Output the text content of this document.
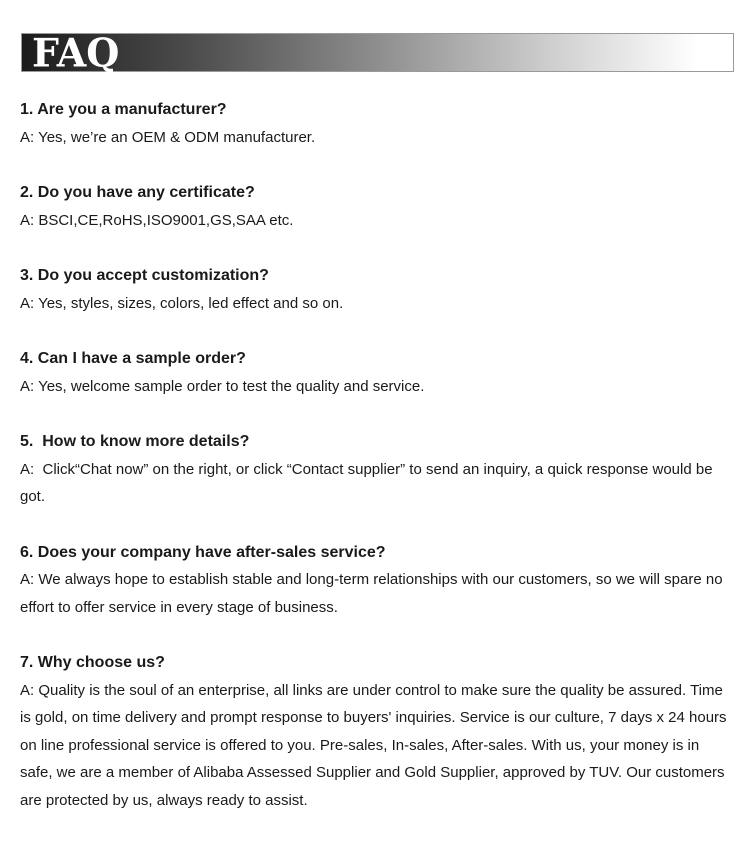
FAQ

1. Are you a manufacturer?

A: Yes, we’re an OEM & ODM manufacturer.

2. Do you have any certificate?

A: BSCI,CE,RoHS,ISO9001,GS,SAA etc.

3. Do you accept customization?

A: Yes, styles, sizes, colors, led effect and so on.

4. Can I have a sample order?

A: Yes, welcome sample order to test the quality and service.

5.  How to know more details?

A:  Click“Chat now” on the right, or click “Contact supplier” to send an inquiry, a quick response would be got.

6. Does your company have after-sales service?

A: We always hope to establish stable and long-term relationships with our customers, so we will spare no effort to offer service in every stage of business.

7. Why choose us?

A: Quality is the soul of an enterprise, all links are under control to make sure the quality be assured. Time is gold, on time delivery and prompt response to buyers' inquiries. Service is our culture, 7 days x 24 hours on line professional service is offered to you. Pre-sales, In-sales, After-sales. With us, your money is in safe, we are a member of Alibaba Assessed Supplier and Gold Supplier, approved by TUV. Our customers are protected by us, always ready to assist.
